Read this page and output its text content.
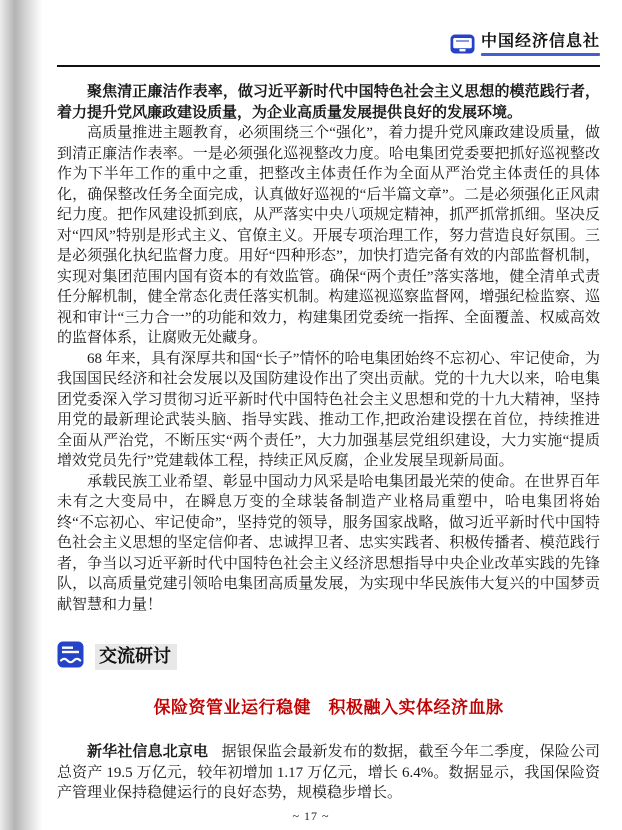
中国经济信息社

聚焦清正廉洁作表率，做习近平新时代中国特色社会主义思想的模范践行者，着力提升党风廉政建设质量，为企业高质量发展提供良好的发展环境。

高质量推进主题教育，必须围绕三个“强化”，着力提升党风廉政建设质量，做到清正廉洁作表率。一是必须强化巡视整改力度。哈电集团党委要把抓好巡视整改作为下半年工作的重中之重，把整改主体责任作为全面从严治党主体责任的具体化，确保整改任务全面完成，认真做好巡视的“后半篇文章”。二是必须强化正风肃纪力度。把作风建设抓到底，从严落实中央八项规定精神，抓严抓常抓细。坚决反对“四风”特别是形式主义、官僚主义。开展专项治理工作，努力营造良好氛围。三是必须强化执纪监督力度。用好“四种形态”，加快打造完备有效的内部监督机制，实现对集团范围内国有资本的有效监管。确保“两个责任”落实落地，健全清单式责任分解机制，健全常态化责任落实机制。构建巡视巡察监督网，增强纪检监察、巡视和审计“三力合一”的功能和效力，构建集团党委统一指挥、全面覆盖、权威高效的监督体系，让腐败无处藏身。

68 年来，具有深厚共和国“长子”情怀的哈电集团始终不忘初心、牢记使命，为我国国民经济和社会发展以及国防建设作出了突出贡献。党的十九大以来，哈电集团党委深入学习贯彻习近平新时代中国特色社会主义思想和党的十九大精神，坚持用党的最新理论武装头脑、指导实践、推动工作,把政治建设摆在首位，持续推进全面从严治党，不断压实“两个责任”，大力加强基层党组织建设，大力实施“提质增效党员先行”党建载体工程，持续正风反腐，企业发展呈现新局面。

承载民族工业希望、彰显中国动力风采是哈电集团最光荣的使命。在世界百年未有之大变局中，在瞬息万变的全球装备制造产业格局重塑中，哈电集团将始终“不忘初心、牢记使命”，坚持党的领导，服务国家战略，做习近平新时代中国特色社会主义思想的坚定信仰者、忠诚捍卫者、忠实实践者、积极传播者、模范践行者，争当以习近平新时代中国特色社会主义经济思想指导中央企业改革实践的先锋队，以高质量党建引领哈电集团高质量发展，为实现中华民族伟大复兴的中国梦贡献智慧和力量！

交流研讨
保险资管业运行稳健　积极融入实体经济血脉

新华社信息北京电 据银保监会最新发布的数据，截至今年二季度，保险公司总资产 19.5 万亿元，较年初增加 1.17 万亿元，增长 6.4%。数据显示，我国保险资产管理业保持稳健运行的良好态势，规模稳步增长。

~ 17 ~
